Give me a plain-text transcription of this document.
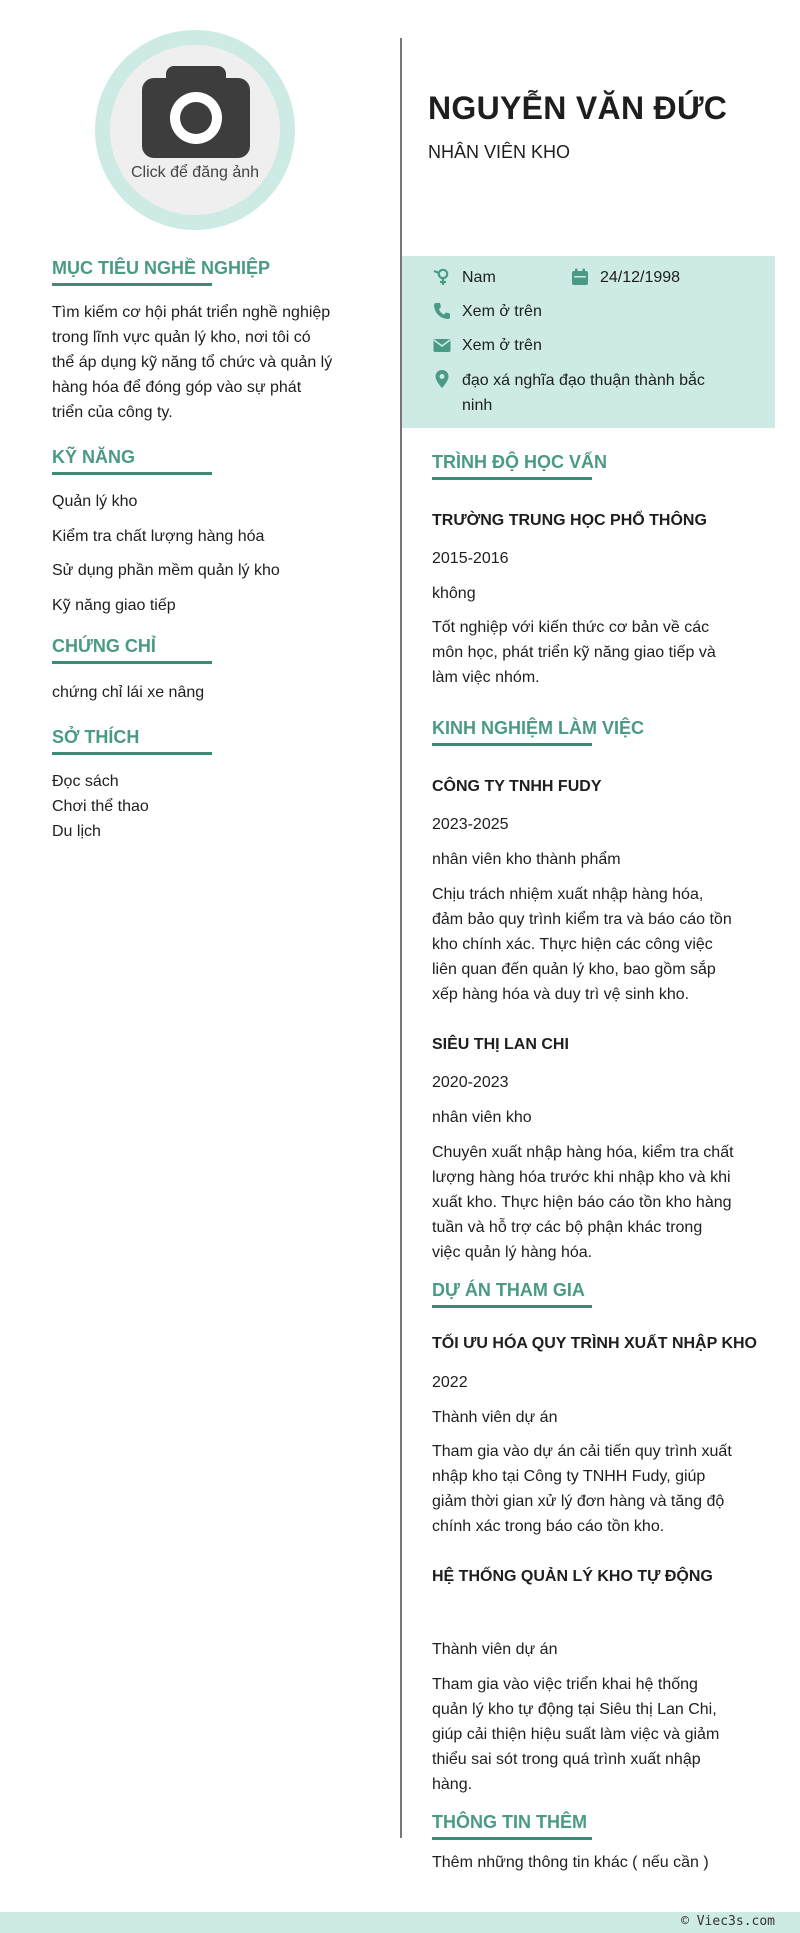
Click để đăng ảnh
NGUYỄN VĂN ĐỨC
NHÂN VIÊN KHO
Nam	24/12/1998
Xem ở trên
Xem ở trên
đạo xá nghĩa đạo thuận thành bắc
ninh
MỤC TIÊU NGHỀ NGHIỆP
Tìm kiếm cơ hội phát triển nghề nghiệp
trong lĩnh vực quản lý kho, nơi tôi có
thể áp dụng kỹ năng tổ chức và quản lý
hàng hóa để đóng góp vào sự phát
triển của công ty.
KỸ NĂNG
Quản lý kho
Kiểm tra chất lượng hàng hóa
Sử dụng phần mềm quản lý kho
Kỹ năng giao tiếp
CHỨNG CHỈ
chứng chỉ lái xe nâng
SỞ THÍCH
Đọc sách
Chơi thể thao
Du lịch
TRÌNH ĐỘ HỌC VẤN
TRƯỜNG TRUNG HỌC PHỔ THÔNG
2015-2016
không
Tốt nghiệp với kiến thức cơ bản về các
môn học, phát triển kỹ năng giao tiếp và
làm việc nhóm.
KINH NGHIỆM LÀM VIỆC
CÔNG TY TNHH FUDY
2023-2025
nhân viên kho thành phẩm
Chịu trách nhiệm xuất nhập hàng hóa,
đảm bảo quy trình kiểm tra và báo cáo tồn
kho chính xác. Thực hiện các công việc
liên quan đến quản lý kho, bao gồm sắp
xếp hàng hóa và duy trì vệ sinh kho.
SIÊU THỊ LAN CHI
2020-2023
nhân viên kho
Chuyên xuất nhập hàng hóa, kiểm tra chất
lượng hàng hóa trước khi nhập kho và khi
xuất kho. Thực hiện báo cáo tồn kho hàng
tuần và hỗ trợ các bộ phận khác trong
việc quản lý hàng hóa.
DỰ ÁN THAM GIA
TỐI ƯU HÓA QUY TRÌNH XUẤT NHẬP KHO
2022
Thành viên dự án
Tham gia vào dự án cải tiến quy trình xuất
nhập kho tại Công ty TNHH Fudy, giúp
giảm thời gian xử lý đơn hàng và tăng độ
chính xác trong báo cáo tồn kho.
HỆ THỐNG QUẢN LÝ KHO TỰ ĐỘNG
Thành viên dự án
Tham gia vào việc triển khai hệ thống
quản lý kho tự động tại Siêu thị Lan Chi,
giúp cải thiện hiệu suất làm việc và giảm
thiểu sai sót trong quá trình xuất nhập
hàng.
THÔNG TIN THÊM
Thêm những thông tin khác ( nếu cần )
© Viec3s.com
